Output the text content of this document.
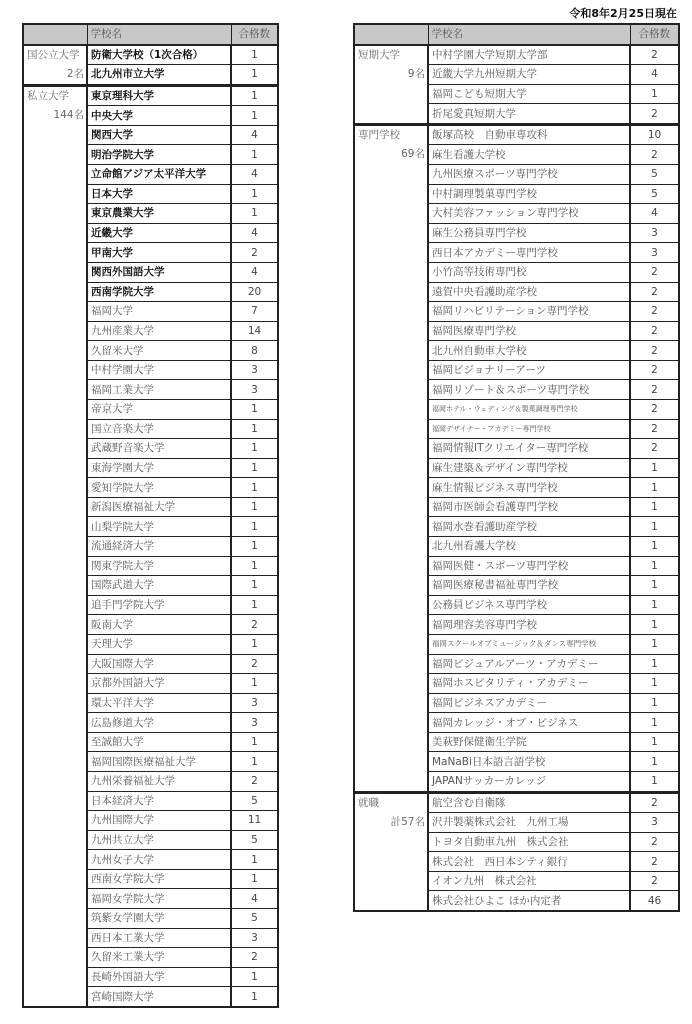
令和8年2月25日現在
	学校名	合格数

国公立大学
2名	防衛大学校（1次合格）	1
	北九州市立大学	1

私立大学
144名	東京理科大学	1
	中央大学	1
	関西大学	4
	明治学院大学	1
	立命館アジア太平洋大学	4
	日本大学	1
	東京農業大学	1
	近畿大学	4
	甲南大学	2
	関西外国語大学	4
	西南学院大学	20
	福岡大学	7
	九州産業大学	14
	久留米大学	8
	中村学園大学	3
	福岡工業大学	3
	帝京大学	1
	国立音楽大学	1
	武蔵野音楽大学	1
	東海学園大学	1
	愛知学院大学	1
	新潟医療福祉大学	1
	山梨学院大学	1
	流通経済大学	1
	関東学院大学	1
	国際武道大学	1
	追手門学院大学	1
	阪南大学	2
	天理大学	1
	大阪国際大学	2
	京都外国語大学	1
	環太平洋大学	3
	広島修道大学	3
	至誠館大学	1
	福岡国際医療福祉大学	1
	九州栄養福祉大学	2
	日本経済大学	5
	九州国際大学	11
	九州共立大学	5
	九州女子大学	1
	西南女学院大学	1
	福岡女学院大学	4
	筑紫女学園大学	5
	西日本工業大学	3
	久留米工業大学	2
	長崎外国語大学	1
	宮崎国際大学	1
	学校名	合格数

短期大学
9名	中村学園大学短期大学部	2
	近畿大学九州短期大学	4
	福岡こども短期大学	1
	折尾愛真短期大学	2

専門学校
69名	飯塚高校　自動車専攻科	10
	麻生看護大学校	2
	九州医療スポーツ専門学校	5
	中村調理製菓専門学校	5
	大村美容ファッション専門学校	4
	麻生公務員専門学校	3
	西日本アカデミー専門学校	3
	小竹高等技術専門校	2
	遠賀中央看護助産学校	2
	福岡リハビリテーション専門学校	2
	福岡医療専門学校	2
	北九州自動車大学校	2
	福岡ビジョナリーアーツ	2
	福岡リゾート＆スポーツ専門学校	2
	福岡ホテル・ウェディング＆製菓調理専門学校	2
	福岡デザイナー・アカデミー専門学校	2
	福岡情報ITクリエイター専門学校	2
	麻生建築＆デザイン専門学校	1
	麻生情報ビジネス専門学校	1
	福岡市医師会看護専門学校	1
	福岡水巻看護助産学校	1
	北九州看護大学校	1
	福岡医健・スポーツ専門学校	1
	福岡医療秘書福祉専門学校	1
	公務員ビジネス専門学校	1
	福岡理容美容専門学校	1
	福岡スクールオブミュージック＆ダンス専門学校	1
	福岡ビジュアルアーツ・アカデミー	1
	福岡ホスピタリティ・アカデミー	1
	福岡ビジネスアカデミー	1
	福岡カレッジ・オブ・ビジネス	1
	美萩野保健衛生学院	1
	MaNaBi日本語言語学校	1
	JAPANサッカーカレッジ	1

就職
計57名	航空含む自衛隊	2
	沢井製薬株式会社　九州工場	3
	トヨタ自動車九州　株式会社	2
	株式会社　西日本シティ銀行	2
	イオン九州　株式会社	2
	株式会社ひよこ ほか内定者	46
